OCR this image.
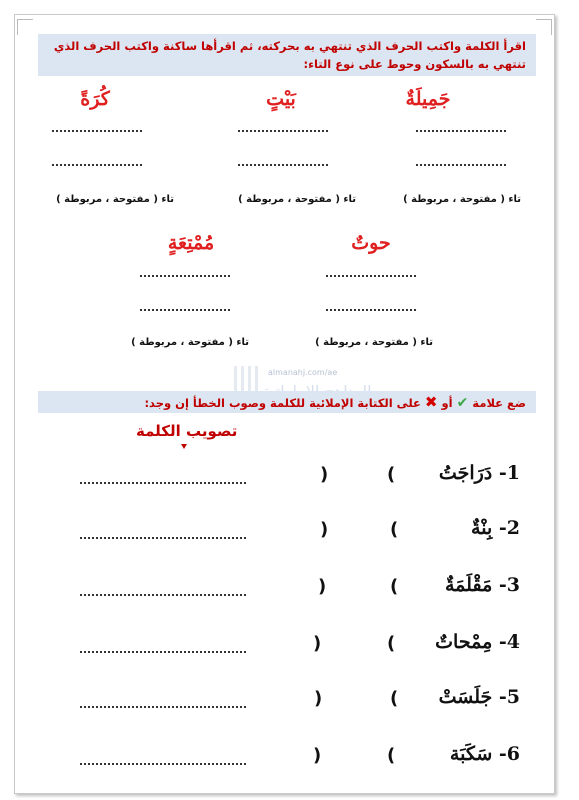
اقرأ الكلمة واكتب الحرف الذي تنتهي به بحركته، ثم اقرأها ساكنة واكتب الحرف الذي تنتهي به بالسكون وحوط على نوع التاء:
جَمِيلَةٌ
بَيْتٍ
كُرَةً
تاء ( مفتوحة ، مربوطة )
تاء ( مفتوحة ، مربوطة )
تاء ( مفتوحة ، مربوطة )
حوتٌ
مُمْتِعَةٍ
تاء ( مفتوحة ، مربوطة )
تاء ( مفتوحة ، مربوطة )
almanahj.com/ae
ضع علامة ✔ أو ✖ على الكتابة الإملائية للكلمة وصوب الخطأ إن وجد:
تصويب الكلمة
1- دَرَاجَتُ
(
)
2- بِنْةٌ
(
)
3- مَقْلَمَةٌ
(
)
4- مِمْحاتٌ
(
)
5- جَلَسَتْ
(
)
6- سَكَبَة
(
)
